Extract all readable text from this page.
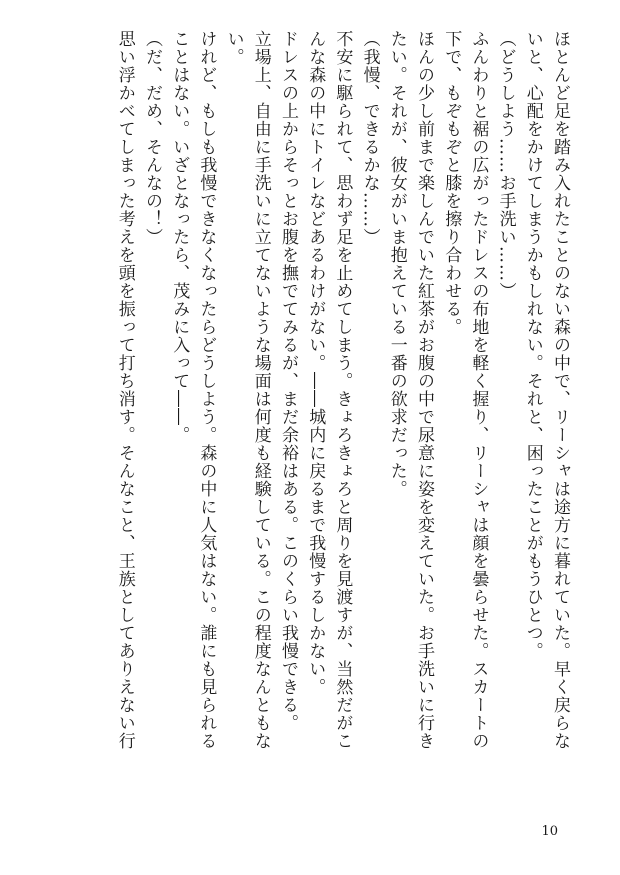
ほとんど足を踏み入れたことのない森の中で、リーシャは途方に暮れていた。早く戻らな
いと、心配をかけてしまうかもしれない。それと、困ったことがもうひとつ。
（どうしよう……お手洗い……）
ふんわりと裾の広がったドレスの布地を軽く握り、リーシャは顔を曇らせた。スカートの
下で、もぞもぞと膝を擦り合わせる。
ほんの少し前まで楽しんでいた紅茶がお腹の中で尿意に姿を変えていた。お手洗いに行き
たい。それが、彼女がいま抱えている一番の欲求だった。
（我慢、できるかな……）
不安に駆られて、思わず足を止めてしまう。きょろきょろと周りを見渡すが、当然だがこ
んな森の中にトイレなどあるわけがない。――城内に戻るまで我慢するしかない。
ドレスの上からそっとお腹を撫でてみるが、まだ余裕はある。このくらい我慢できる。
立場上、自由に手洗いに立てないような場面は何度も経験している。この程度なんともな
い。
けれど、もしも我慢できなくなったらどうしよう。森の中に人気はない。誰にも見られる
ことはない。いざとなったら、茂みに入って――。
（だ、だめ、そんなの！）
思い浮かべてしまった考えを頭を振って打ち消す。そんなこと、王族としてありえない行
10
